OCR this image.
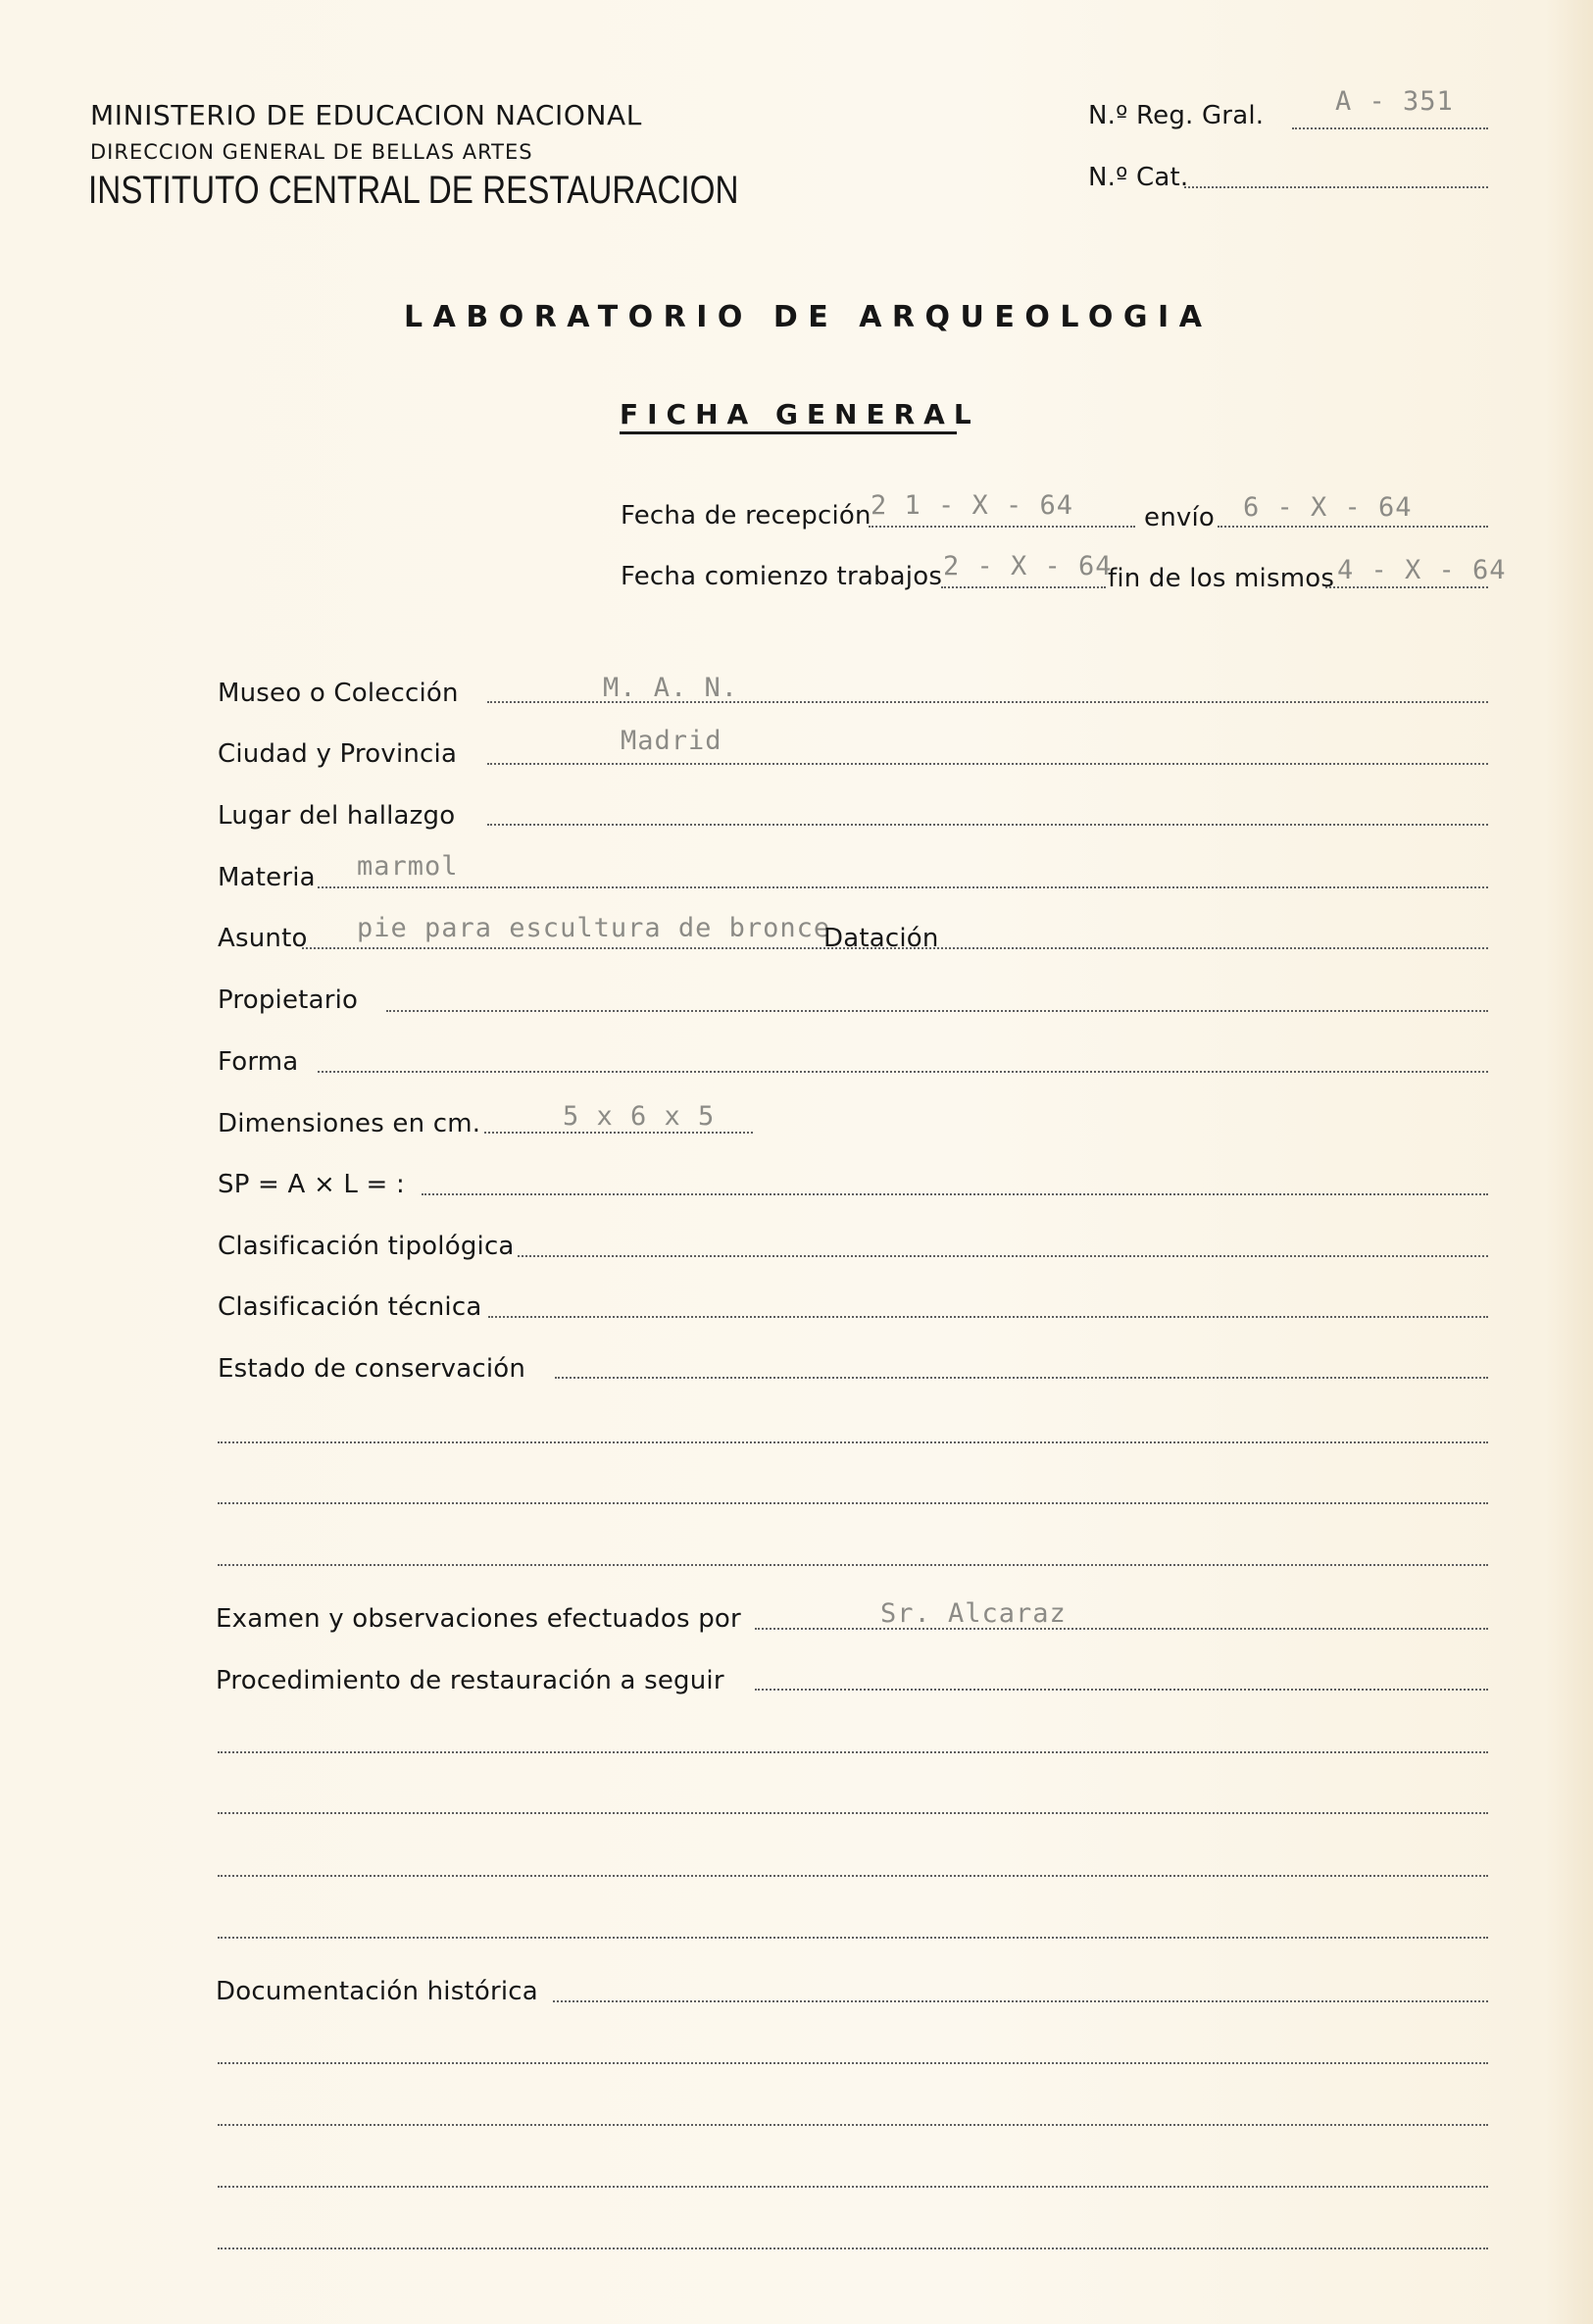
MINISTERIO DE EDUCACION NACIONAL
DIRECCION GENERAL DE BELLAS ARTES
INSTITUTO CENTRAL DE RESTAURACION
N.º Reg. Gral.	A - 351
N.º Cat.
LABORATORIO DE ARQUEOLOGIA
FICHA GENERAL
Fecha de recepción 2 1 - X - 64	envío 6 - X - 64
Fecha comienzo trabajos 2 - X - 64
fin de los mismos 4 - X - 64
Museo o Colección	M. A. N.
Ciudad y Provincia	Madrid
Lugar del hallazgo
Materia marmol
Asunto pie para escultura de bronce
Datación
Propietario
Forma
Dimensiones en cm.	5 x 6 x 5
SP = A × L = :
Clasificación tipológica
Clasificación técnica
Estado de conservación
Examen y observaciones efectuados por	Sr. Alcaraz
Procedimiento de restauración a seguir
Documentación histórica
